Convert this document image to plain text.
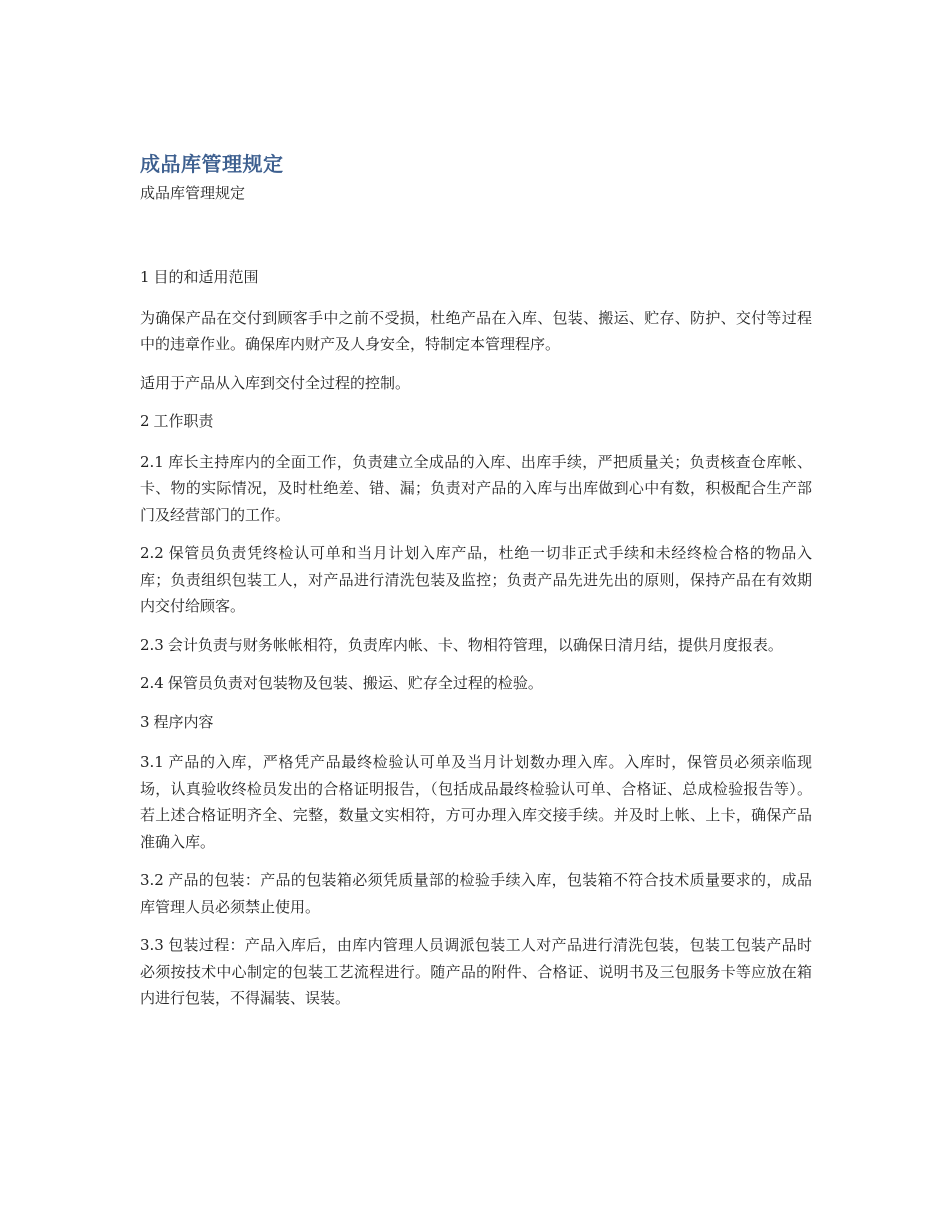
成品库管理规定
成品库管理规定

1 目的和适用范围

为确保产品在交付到顾客手中之前不受损，杜绝产品在入库、包装、搬运、贮存、防护、交付等过程中的违章作业。确保库内财产及人身安全，特制定本管理程序。

适用于产品从入库到交付全过程的控制。

2 工作职责

2.1 库长主持库内的全面工作，负责建立全成品的入库、出库手续，严把质量关；负责核查仓库帐、卡、物的实际情况，及时杜绝差、错、漏；负责对产品的入库与出库做到心中有数，积极配合生产部门及经营部门的工作。

2.2 保管员负责凭终检认可单和当月计划入库产品，杜绝一切非正式手续和未经终检合格的物品入库；负责组织包装工人，对产品进行清洗包装及监控；负责产品先进先出的原则，保持产品在有效期内交付给顾客。

2.3 会计负责与财务帐帐相符，负责库内帐、卡、物相符管理，以确保日清月结，提供月度报表。

2.4 保管员负责对包装物及包装、搬运、贮存全过程的检验。

3 程序内容

3.1 产品的入库，严格凭产品最终检验认可单及当月计划数办理入库。入库时，保管员必须亲临现场，认真验收终检员发出的合格证明报告，（包括成品最终检验认可单、合格证、总成检验报告等）。若上述合格证明齐全、完整，数量文实相符，方可办理入库交接手续。并及时上帐、上卡，确保产品准确入库。

3.2 产品的包装：产品的包装箱必须凭质量部的检验手续入库，包装箱不符合技术质量要求的，成品库管理人员必须禁止使用。

3.3 包装过程：产品入库后，由库内管理人员调派包装工人对产品进行清洗包装，包装工包装产品时必须按技术中心制定的包装工艺流程进行。随产品的附件、合格证、说明书及三包服务卡等应放在箱内进行包装，不得漏装、误装。
